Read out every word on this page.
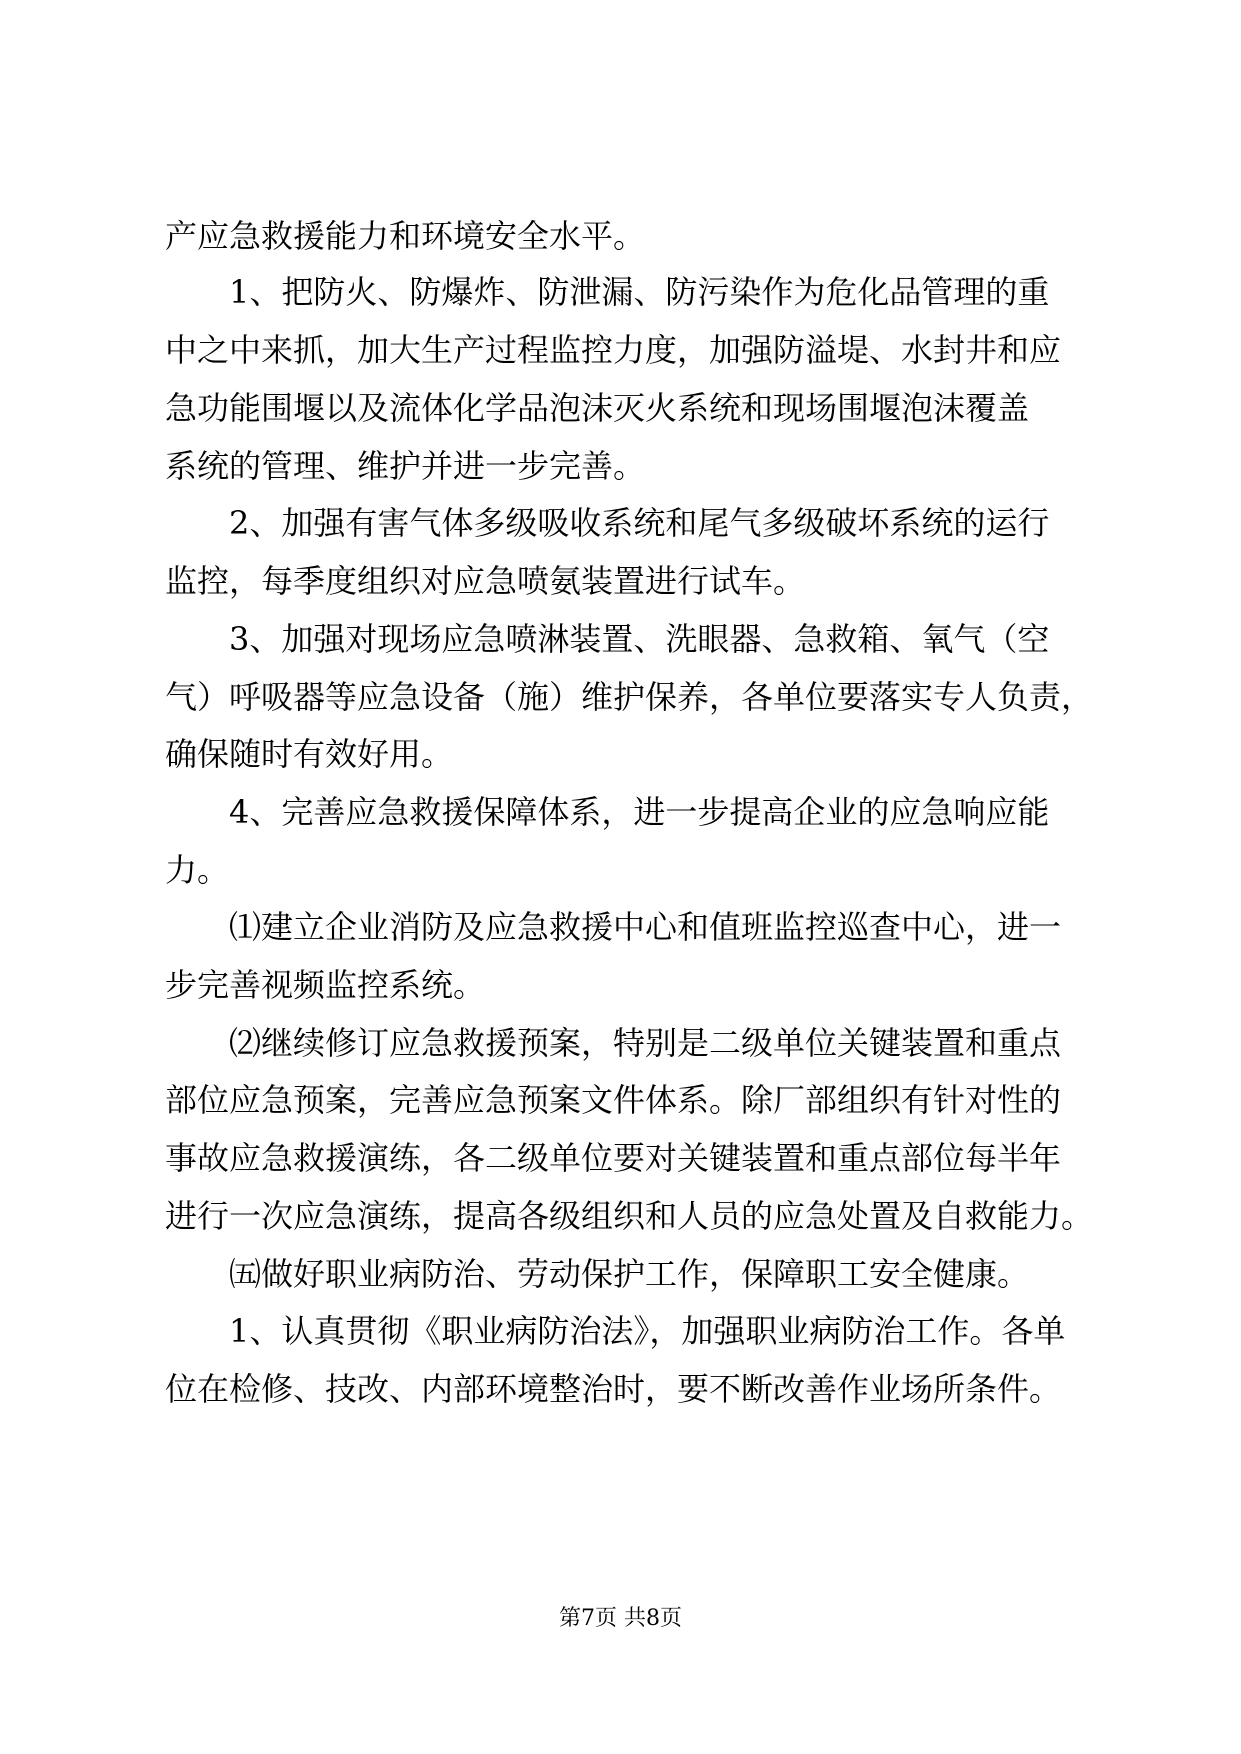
产应急救援能力和环境安全水平。
1、把防火、防爆炸、防泄漏、防污染作为危化品管理的重
中之中来抓，加大生产过程监控力度，加强防溢堤、水封井和应
急功能围堰以及流体化学品泡沫灭火系统和现场围堰泡沫覆盖
系统的管理、维护并进一步完善。
2、加强有害气体多级吸收系统和尾气多级破坏系统的运行
监控，每季度组织对应急喷氨装置进行试车。
3、加强对现场应急喷淋装置、洗眼器、急救箱、氧气（空
气）呼吸器等应急设备（施）维护保养，各单位要落实专人负责，
确保随时有效好用。
4、完善应急救援保障体系，进一步提高企业的应急响应能
力。
⑴建立企业消防及应急救援中心和值班监控巡查中心，进一
步完善视频监控系统。
⑵继续修订应急救援预案，特别是二级单位关键装置和重点
部位应急预案，完善应急预案文件体系。除厂部组织有针对性的
事故应急救援演练，各二级单位要对关键装置和重点部位每半年
进行一次应急演练，提高各级组织和人员的应急处置及自救能力。
㈤做好职业病防治、劳动保护工作，保障职工安全健康。
1、认真贯彻《职业病防治法》，加强职业病防治工作。各单
位在检修、技改、内部环境整治时，要不断改善作业场所条件。
第7页 共8页
